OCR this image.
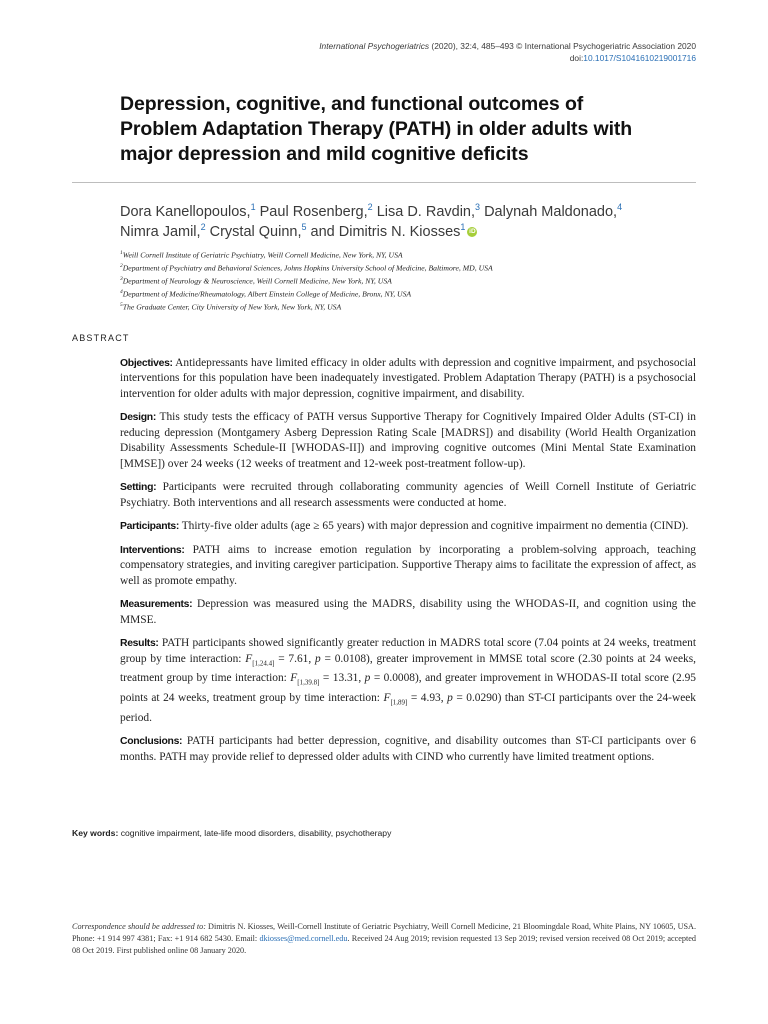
International Psychogeriatrics (2020), 32:4, 485–493 © International Psychogeriatric Association 2020
doi:10.1017/S1041610219001716
Depression, cognitive, and functional outcomes of Problem Adaptation Therapy (PATH) in older adults with major depression and mild cognitive deficits
Dora Kanellopoulos,$^1$ Paul Rosenberg,$^2$ Lisa D. Ravdin,$^3$ Dalynah Maldonado,$^4$
Nimra Jamil,$^2$ Crystal Quinn,$^5$ and Dimitris N. Kiosses$^1$ iD
$^1$Weill Cornell Institute of Geriatric Psychiatry, Weill Cornell Medicine, New York, NY, USA
$^2$Department of Psychiatry and Behavioral Sciences, Johns Hopkins University School of Medicine, Baltimore, MD, USA
$^3$Department of Neurology & Neuroscience, Weill Cornell Medicine, New York, NY, USA
$^4$Department of Medicine/Rheumatology, Albert Einstein College of Medicine, Bronx, NY, USA
$^5$The Graduate Center, City University of New York, New York, NY, USA
ABSTRACT

Objectives: Antidepressants have limited efficacy in older adults with depression and cognitive impairment, and psychosocial interventions for this population have been inadequately investigated. Problem Adaptation Therapy (PATH) is a psychosocial intervention for older adults with major depression, cognitive impairment, and disability.

Design: This study tests the efficacy of PATH versus Supportive Therapy for Cognitively Impaired Older Adults (ST-CI) in reducing depression (Montgamery Asberg Depression Rating Scale [MADRS]) and disability (World Health Organization Disability Assessments Schedule-II [WHODAS-II]) and improving cognitive outcomes (Mini Mental State Examination [MMSE]) over 24 weeks (12 weeks of treatment and 12-week post-treatment follow-up).

Setting: Participants were recruited through collaborating community agencies of Weill Cornell Institute of Geriatric Psychiatry. Both interventions and all research assessments were conducted at home.

Participants: Thirty-five older adults (age ≥ 65 years) with major depression and cognitive impairment no dementia (CIND).

Interventions: PATH aims to increase emotion regulation by incorporating a problem-solving approach, teaching compensatory strategies, and inviting caregiver participation. Supportive Therapy aims to facilitate the expression of affect, as well as promote empathy.

Measurements: Depression was measured using the MADRS, disability using the WHODAS-II, and cognition using the MMSE.

Results: PATH participants showed significantly greater reduction in MADRS total score (7.04 points at 24 weeks, treatment group by time interaction: $F_{[1,24.4]} = 7.61$, p = 0.0108), greater improvement in MMSE total score (2.30 points at 24 weeks, treatment group by time interaction: $F_{[1,39.8]} = 13.31$, p = 0.0008), and greater improvement in WHODAS-II total score (2.95 points at 24 weeks, treatment group by time interaction: $F_{[1,89]} = 4.93$, p = 0.0290) than ST-CI participants over the 24-week period.

Conclusions: PATH participants had better depression, cognitive, and disability outcomes than ST-CI participants over 6 months. PATH may provide relief to depressed older adults with CIND who currently have limited treatment options.

Key words: cognitive impairment, late-life mood disorders, disability, psychotherapy
Correspondence should be addressed to: Dimitris N. Kiosses, Weill-Cornell Institute of Geriatric Psychiatry, Weill Cornell Medicine, 21 Bloomingdale Road, White Plains, NY 10605, USA. Phone: +1 914 997 4381; Fax: +1 914 682 5430. Email: dkiosses@med.cornell.edu. Received 24 Aug 2019; revision requested 13 Sep 2019; revised version received 08 Oct 2019; accepted 08 Oct 2019. First published online 08 January 2020.
